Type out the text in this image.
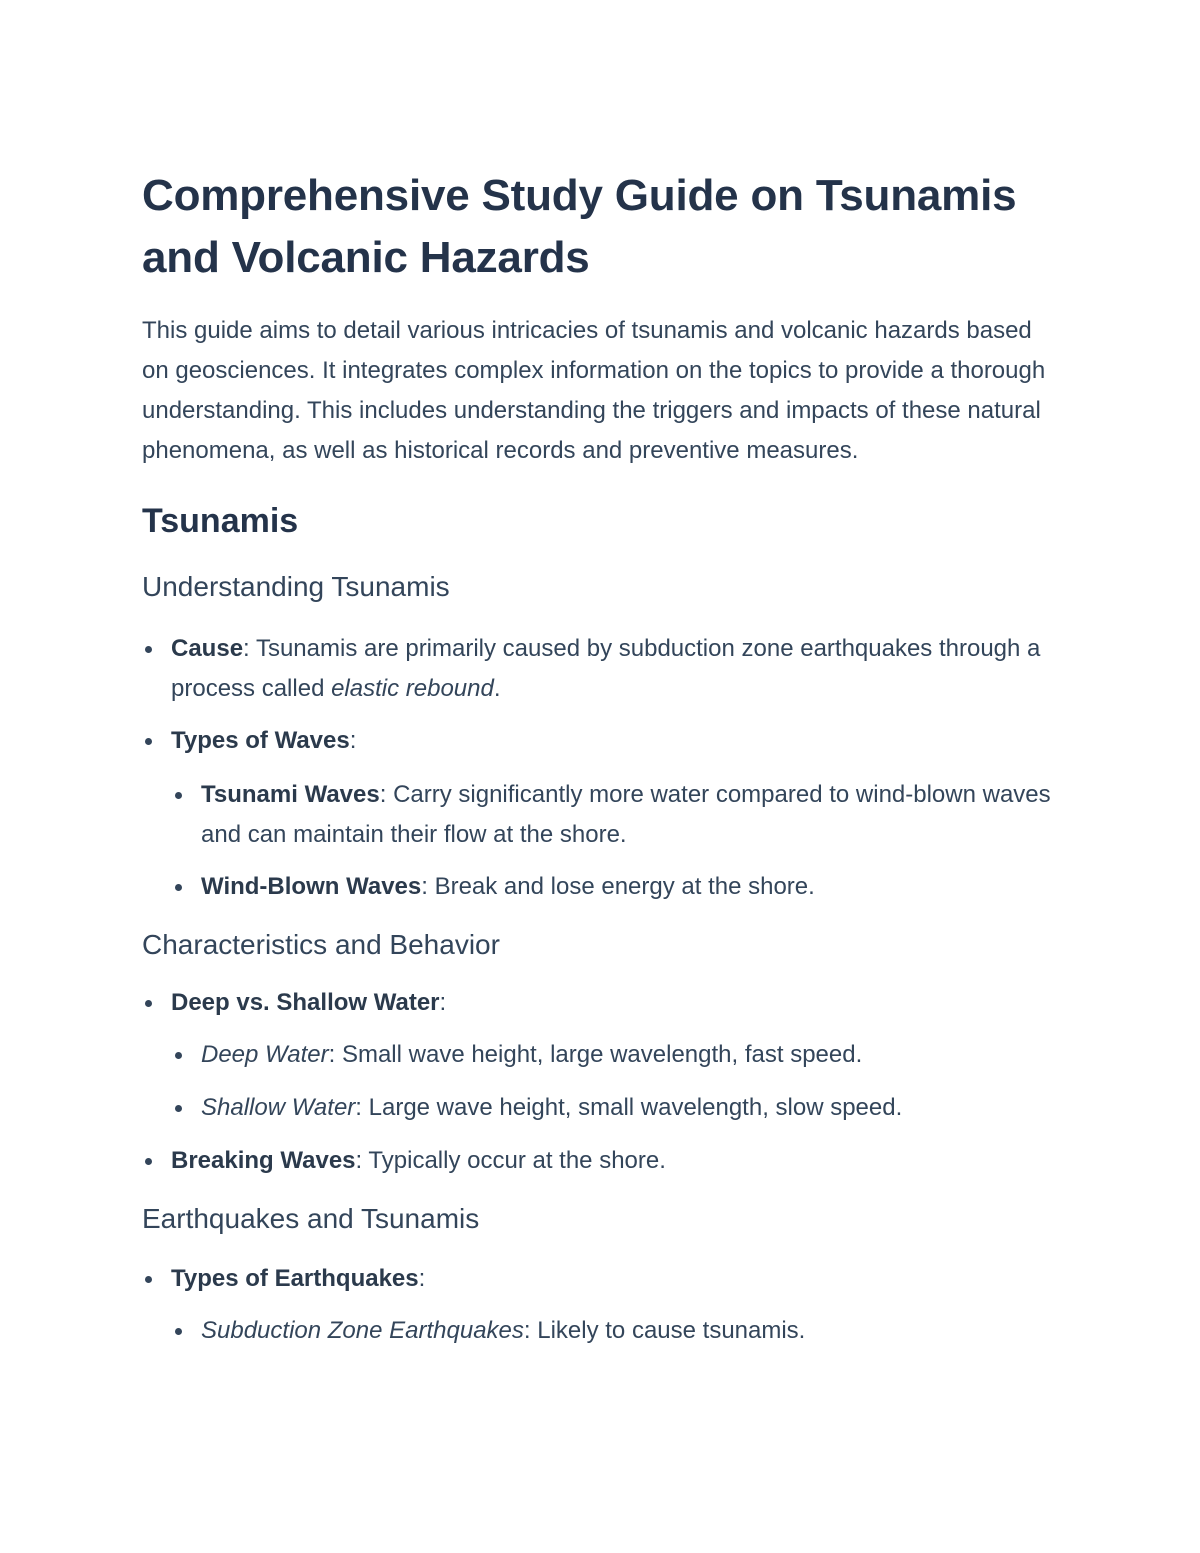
Comprehensive Study Guide on Tsunamis and Volcanic Hazards

This guide aims to detail various intricacies of tsunamis and volcanic hazards based on geosciences. It integrates complex information on the topics to provide a thorough understanding. This includes understanding the triggers and impacts of these natural phenomena, as well as historical records and preventive measures.

Tsunamis
Understanding Tsunamis
Cause: Tsunamis are primarily caused by subduction zone earthquakes through a process called elastic rebound.
Types of Waves:
Tsunami Waves: Carry significantly more water compared to wind-blown waves and can maintain their flow at the shore.
Wind-Blown Waves: Break and lose energy at the shore.
Characteristics and Behavior
Deep vs. Shallow Water:
Deep Water: Small wave height, large wavelength, fast speed.
Shallow Water: Large wave height, small wavelength, slow speed.
Breaking Waves: Typically occur at the shore.
Earthquakes and Tsunamis
Types of Earthquakes:
Subduction Zone Earthquakes: Likely to cause tsunamis.
